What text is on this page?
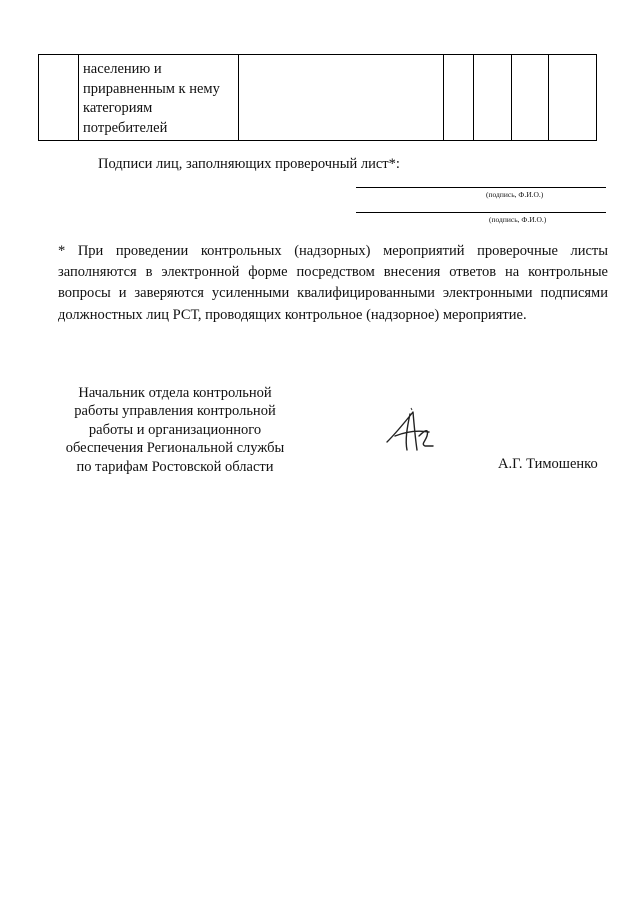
населению и
приравненным к нему
категориям
потребителей

Подписи лиц, заполняющих проверочный лист*:
(подпись, Ф.И.О.)
(подпись, Ф.И.О.)
* При проведении контрольных (надзорных) мероприятий проверочные листы заполняются в электронной форме посредством внесения ответов на контрольные вопросы и заверяются усиленными квалифицированными электронными подписями должностных лиц РСТ, проводящих контрольное (надзорное) мероприятие.
Начальник отдела контрольной
работы управления контрольной
работы и организационного
обеспечения Региональной службы
по тарифам Ростовской области	А.Г. Тимошенко
